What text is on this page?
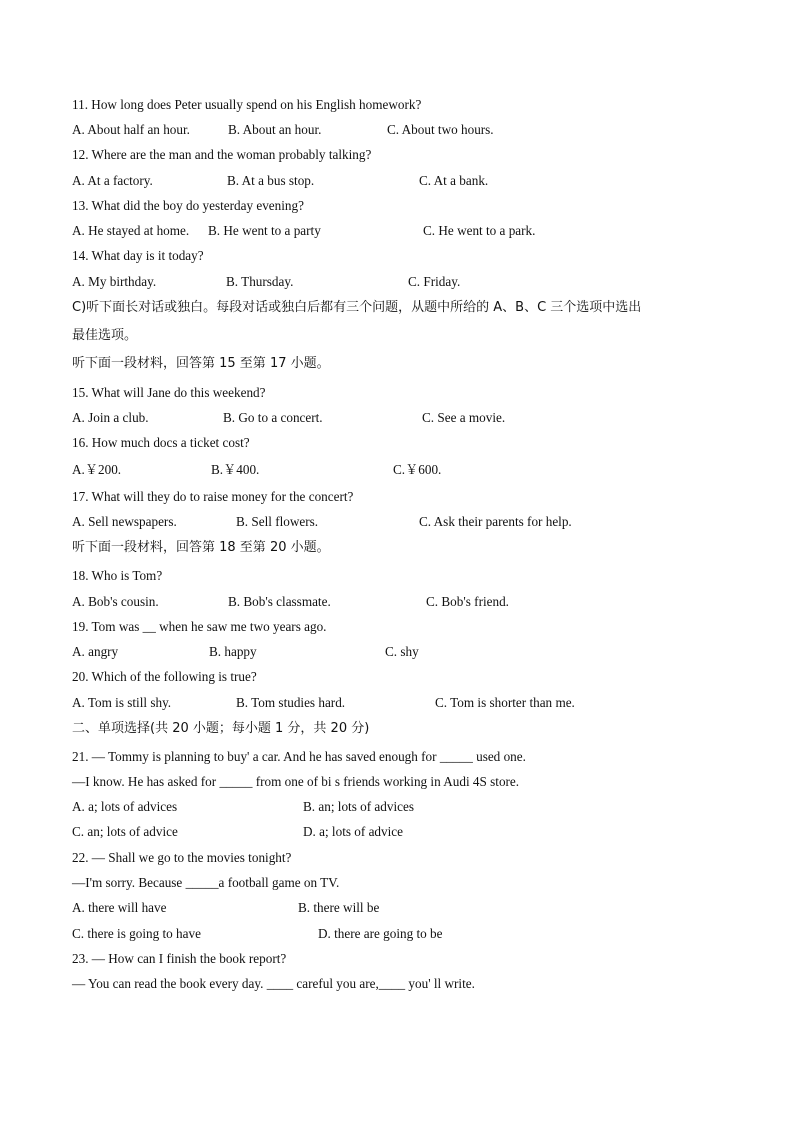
11. How long does Peter usually spend on his English homework?
A. About half an hour.	B. About an hour.	C. About two hours.
12. Where are the man and the woman probably talking?
A. At a factory.	B. At a bus stop.	C. At a bank.
13. What did the boy do yesterday evening?
A. He stayed at home. B. He went to a party	C. He went to a park.
14. What day is it today?
A. My birthday.	B. Thursday.	C. Friday.
C)听下面长对话或独白。每段对话或独白后都有三个问题，从题中所给的 A、B、C 三个选项中选出
最佳选项。
听下面一段材料，回答第 15 至第 17 小题。
15. What will Jane do this weekend?
A. Join a club.	B. Go to a concert.	C. See a movie.
16. How much docs a ticket cost?
A.￥200.	B.￥400.	C.￥600.
17. What will they do to raise money for the concert?
A. Sell newspapers.	B. Sell flowers.	C. Ask their parents for help.
听下面一段材料，回答第 18 至第 20 小题。
18. Who is Tom?
A. Bob's cousin.	B. Bob's classmate.	C. Bob's friend.
19. Tom was __ when he saw me two years ago.
A. angry	B. happy	C. shy
20. Which of the following is true?
A. Tom is still shy.	B. Tom studies hard.	C. Tom is shorter than me.
二、单项选择(共 20 小题；每小题 1 分，共 20 分)
21. — Tommy is planning to buy' a car. And he has saved enough for _____ used one.
—I know. He has asked for _____ from one of bi s friends working in Audi 4S store.
A. a; lots of advices	B. an; lots of advices
C. an; lots of advice	D. a; lots of advice
22. — Shall we go to the movies tonight?
—I'm sorry. Because _____a football game on TV.
A. there will have	B. there will be
C. there is going to have	D. there are going to be
23. — How can I finish the book report?
— You can read the book every day. ____ careful you are,____ you' ll write.
